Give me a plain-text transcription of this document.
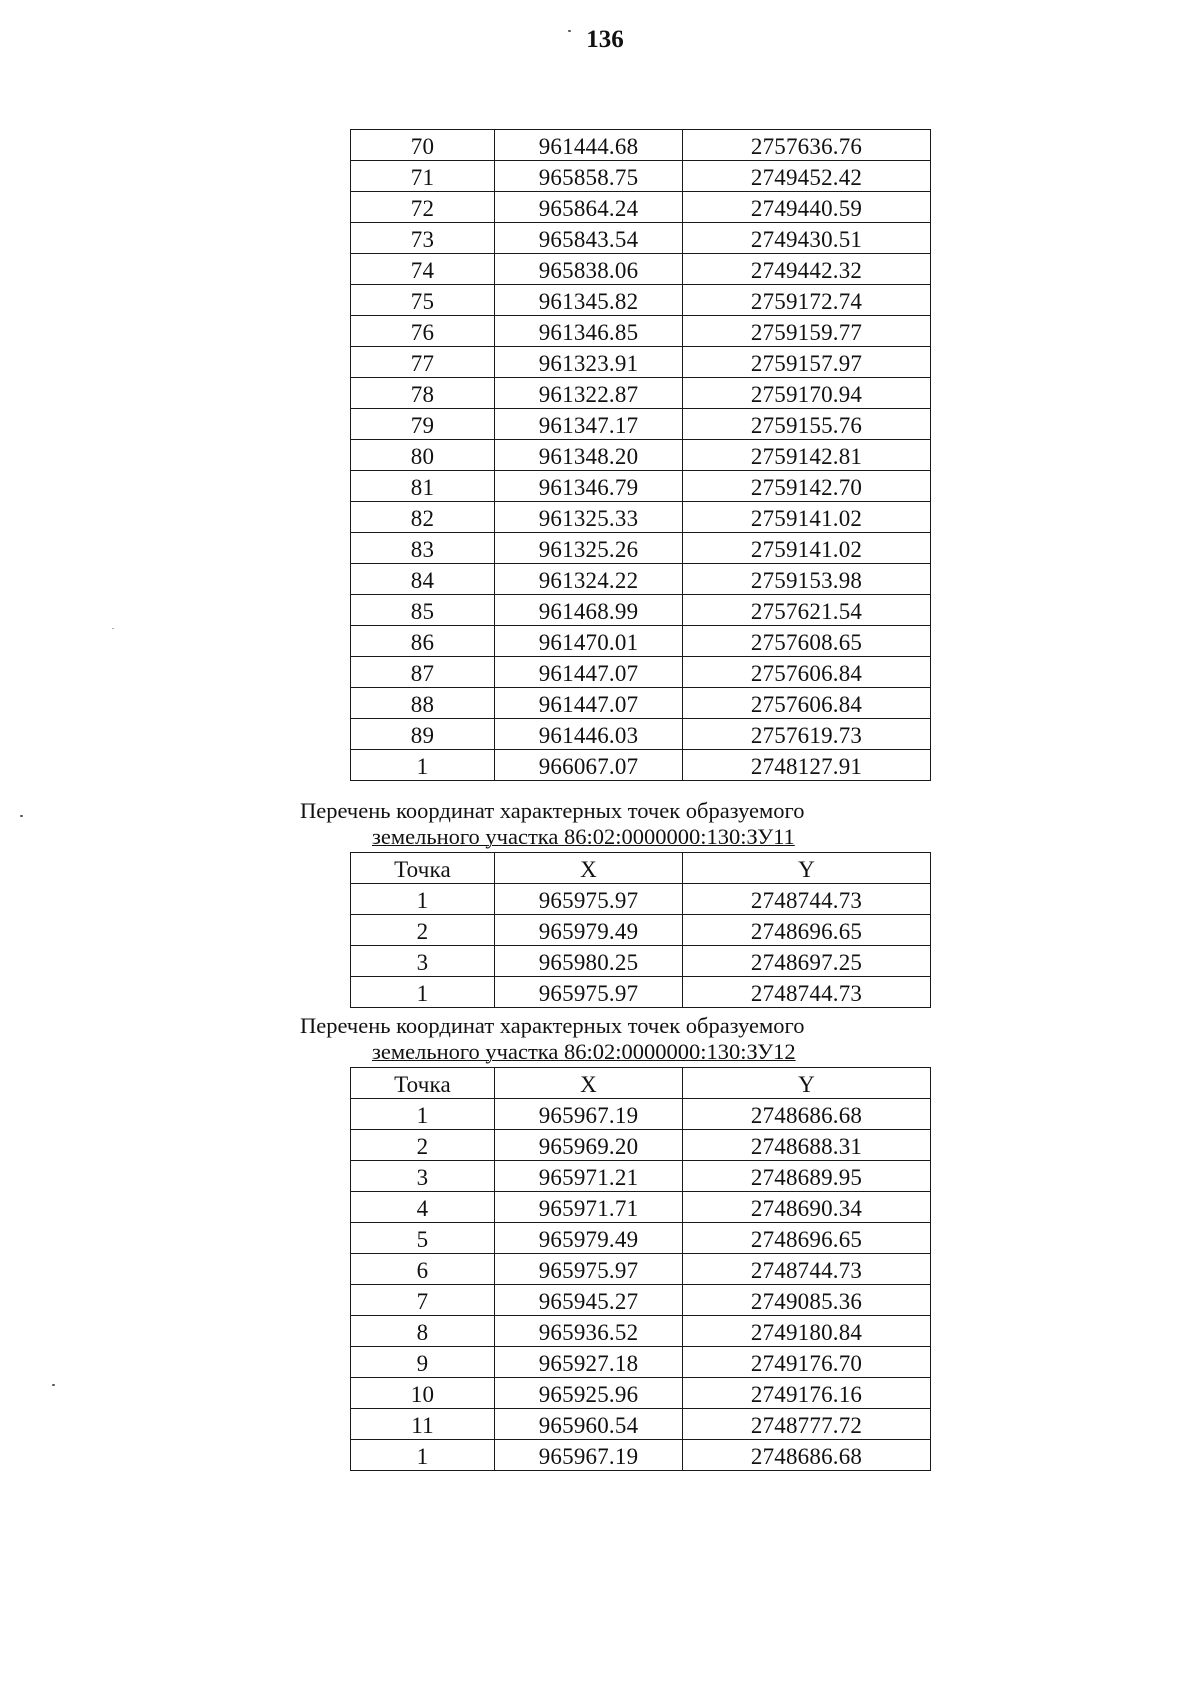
136
70	961444.68	2757636.76
71	965858.75	2749452.42
72	965864.24	2749440.59
73	965843.54	2749430.51
74	965838.06	2749442.32
75	961345.82	2759172.74
76	961346.85	2759159.77
77	961323.91	2759157.97
78	961322.87	2759170.94
79	961347.17	2759155.76
80	961348.20	2759142.81
81	961346.79	2759142.70
82	961325.33	2759141.02
83	961325.26	2759141.02
84	961324.22	2759153.98
85	961468.99	2757621.54
86	961470.01	2757608.65
87	961447.07	2757606.84
88	961447.07	2757606.84
89	961446.03	2757619.73
1	966067.07	2748127.91
Перечень координат характерных точек образуемого
земельного участка 86:02:0000000:130:ЗУ11
Точка	X	Y
1	965975.97	2748744.73
2	965979.49	2748696.65
3	965980.25	2748697.25
1	965975.97	2748744.73
Перечень координат характерных точек образуемого
земельного участка 86:02:0000000:130:ЗУ12
Точка	X	Y
1	965967.19	2748686.68
2	965969.20	2748688.31
3	965971.21	2748689.95
4	965971.71	2748690.34
5	965979.49	2748696.65
6	965975.97	2748744.73
7	965945.27	2749085.36
8	965936.52	2749180.84
9	965927.18	2749176.70
10	965925.96	2749176.16
11	965960.54	2748777.72
1	965967.19	2748686.68
